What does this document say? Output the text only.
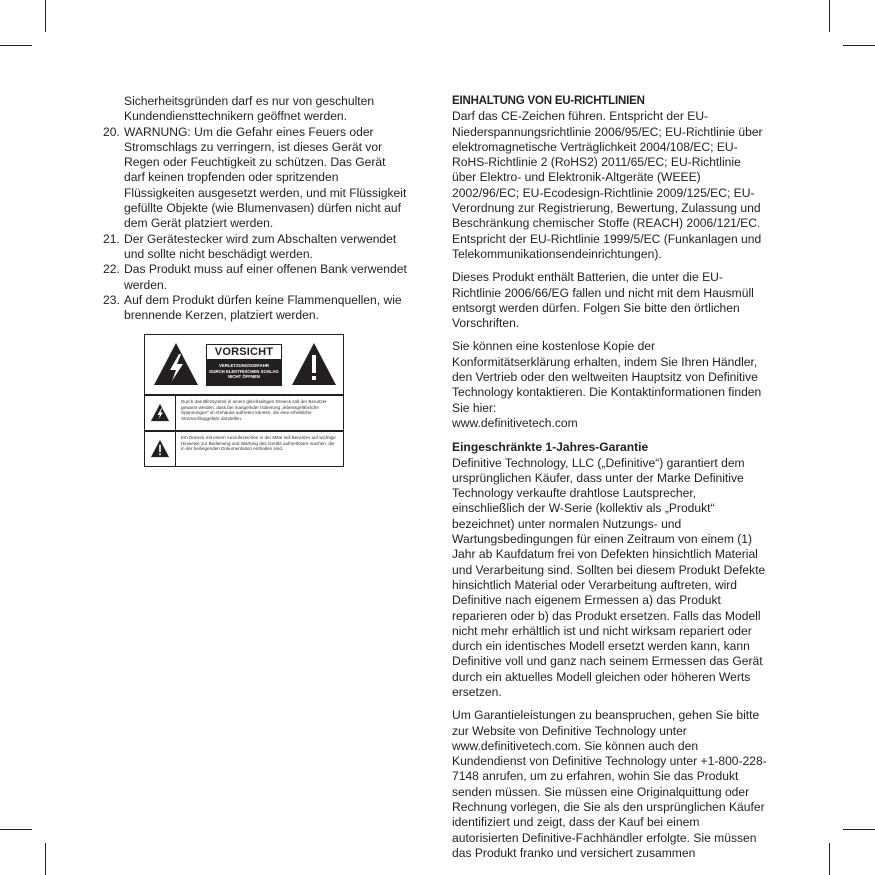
Sicherheitsgründen darf es nur von geschulten Kundendiensttechnikern geöffnet werden.
20. WARNUNG: Um die Gefahr eines Feuers oder Stromschlags zu verringern, ist dieses Gerät vor Regen oder Feuchtigkeit zu schützen. Das Gerät darf keinen tropfenden oder spritzenden Flüssigkeiten ausgesetzt werden, und mit Flüssigkeit gefüllte Objekte (wie Blumenvasen) dürfen nicht auf dem Gerät platziert werden.
21. Der Gerätestecker wird zum Abschalten verwendet und sollte nicht beschädigt werden.
22. Das Produkt muss auf einer offenen Bank verwendet werden.
23. Auf dem Produkt dürfen keine Flammenquellen, wie brennende Kerzen, platziert werden.
VORSICHT
VERLETZUNGSGEFAHR
DURCH ELEKTRISCHEN SCHLAG
NICHT ÖFFNEN
Durch das Blitzsymbol in einem gleichseitigen Dreieck soll der Benutzer gewarnt werden, dass bei mangelnder Isolierung „lebensgefährliche Spannungen“ im Gehäuse auftreten können, die eine erhebliche Stromschlaggefahr darstellen.
Ein Dreieck mit einem Ausrufezeichen in der Mitte soll Benutzer auf wichtige Hinweise zur Bedienung und Wartung des Geräts aufmerksam machen, die in der beiliegenden Dokumentation enthalten sind.
EINHALTUNG VON EU-RICHTLINIEN

Darf das CE-Zeichen führen. Entspricht der EU-Niederspannungsrichtlinie 2006/95/EC; EU-Richtlinie über elektromagnetische Verträglichkeit 2004/108/EC; EU-RoHS-Richtlinie 2 (RoHS2) 2011/65/EC; EU-Richtlinie über Elektro- und Elektronik-Altgeräte (WEEE) 2002/96/EC; EU-Ecodesign-Richtlinie 2009/125/EC; EU-Verordnung zur Registrierung, Bewertung, Zulassung und Beschränkung chemischer Stoffe (REACH) 2006/121/EC. Entspricht der EU-Richtlinie 1999/5/EC (Funkanlagen und Telekommunikationsendeinrichtungen).

Dieses Produkt enthält Batterien, die unter die EU-Richtlinie 2006/66/EG fallen und nicht mit dem Hausmüll entsorgt werden dürfen. Folgen Sie bitte den örtlichen Vorschriften.

Sie können eine kostenlose Kopie der Konformitätserklärung erhalten, indem Sie Ihren Händler, den Vertrieb oder den weltweiten Hauptsitz von Definitive Technology kontaktieren. Die Kontaktinformationen finden Sie hier:
www.definitivetech.com

Eingeschränkte 1-Jahres-Garantie

Definitive Technology, LLC („Definitive“) garantiert dem ursprünglichen Käufer, dass unter der Marke Definitive Technology verkaufte drahtlose Lautsprecher, einschließlich der W-Serie (kollektiv als „Produkt“ bezeichnet) unter normalen Nutzungs- und Wartungsbedingungen für einen Zeitraum von einem (1) Jahr ab Kaufdatum frei von Defekten hinsichtlich Material und Verarbeitung sind. Sollten bei diesem Produkt Defekte hinsichtlich Material oder Verarbeitung auftreten, wird Definitive nach eigenem Ermessen a) das Produkt reparieren oder b) das Produkt ersetzen. Falls das Modell nicht mehr erhältlich ist und nicht wirksam repariert oder durch ein identisches Modell ersetzt werden kann, kann Definitive voll und ganz nach seinem Ermessen das Gerät durch ein aktuelles Modell gleichen oder höheren Werts ersetzen.

Um Garantieleistungen zu beanspruchen, gehen Sie bitte zur Website von Definitive Technology unter www.definitivetech.com. Sie können auch den Kundendienst von Definitive Technology unter +1-800-228-7148 anrufen, um zu erfahren, wohin Sie das Produkt senden müssen. Sie müssen eine Originalquittung oder Rechnung vorlegen, die Sie als den ursprünglichen Käufer identifiziert und zeigt, dass der Kauf bei einem autorisierten Definitive-Fachhändler erfolgte. Sie müssen das Produkt franko und versichert zusammen
